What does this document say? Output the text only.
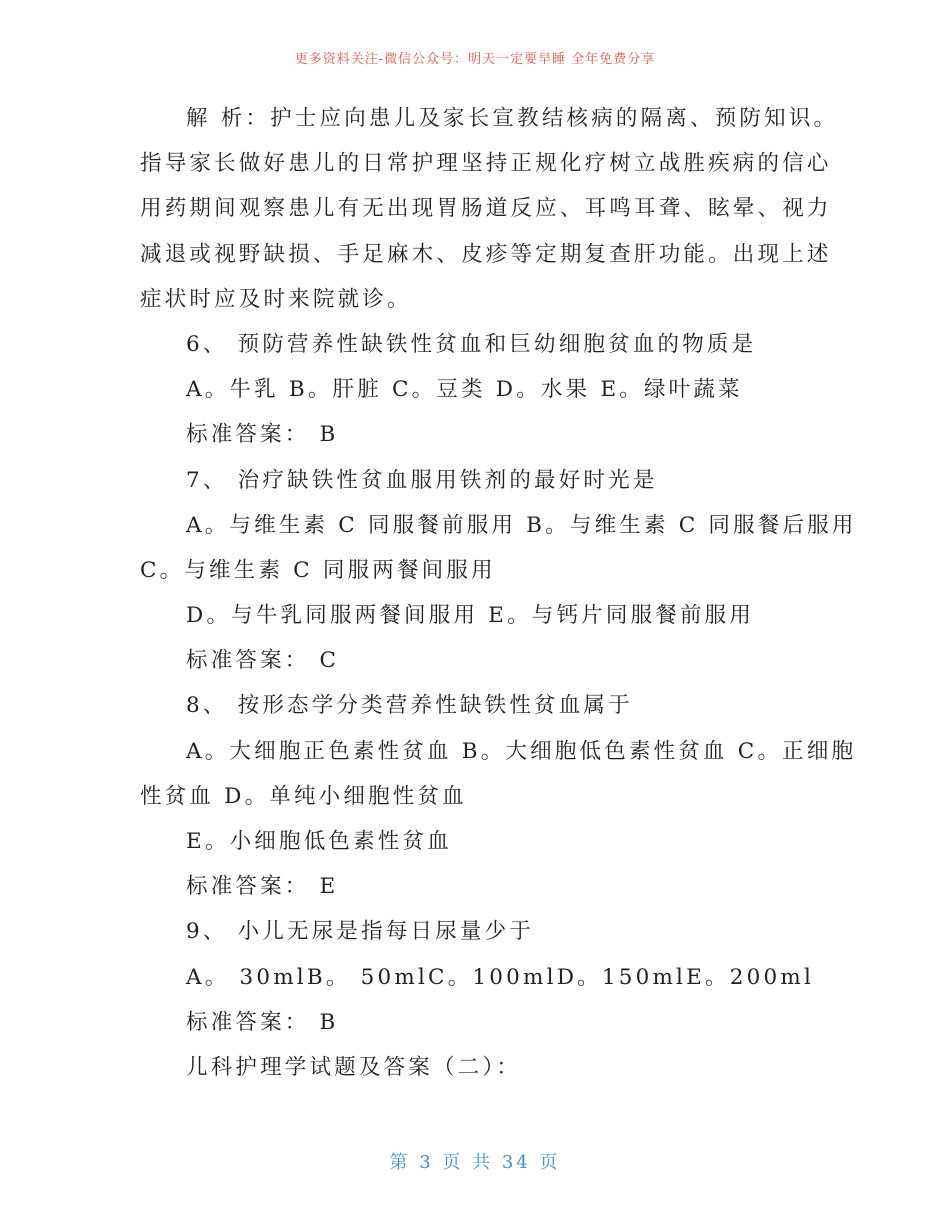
更多资料关注-微信公众号：明天一定要早睡 全年免费分享
解 析：护士应向患儿及家长宣教结核病的隔离、预防知识。
指导家长做好患儿的日常护理坚持正规化疗树立战胜疾病的信心
用药期间观察患儿有无出现胃肠道反应、耳鸣耳聋、眩晕、视力
减退或视野缺损、手足麻木、皮疹等定期复查肝功能。出现上述
症状时应及时来院就诊。
6、 预防营养性缺铁性贫血和巨幼细胞贫血的物质是
A。牛乳 B。肝脏 C。豆类 D。水果 E。绿叶蔬菜
标准答案： B
7、 治疗缺铁性贫血服用铁剂的最好时光是
A。与维生素 C 同服餐前服用 B。与维生素 C 同服餐后服用
C。与维生素 C 同服两餐间服用
D。与牛乳同服两餐间服用 E。与钙片同服餐前服用
标准答案： C
8、 按形态学分类营养性缺铁性贫血属于
A。大细胞正色素性贫血 B。大细胞低色素性贫血 C。正细胞
性贫血 D。单纯小细胞性贫血
E。小细胞低色素性贫血
标准答案： E
9、 小儿无尿是指每日尿量少于
A。 30mlB。 50mlC。100mlD。150mlE。200ml
标准答案： B
儿科护理学试题及答案（二）：
第 3 页 共 34 页
